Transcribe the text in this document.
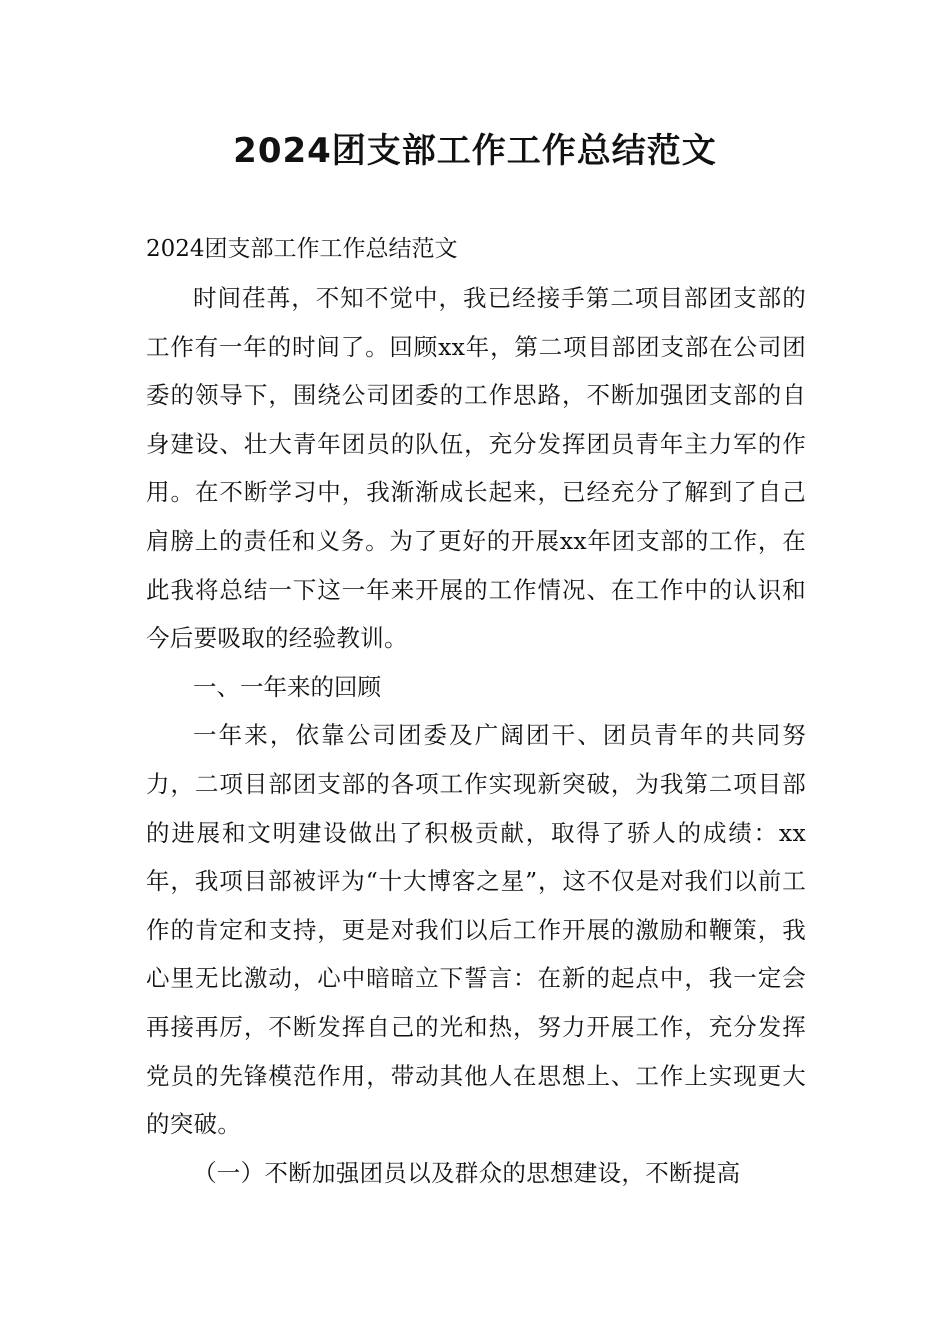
2024团支部工作工作总结范文

2024团支部工作工作总结范文

时间荏苒，不知不觉中，我已经接手第二项目部团支部的工作有一年的时间了。回顾xx年，第二项目部团支部在公司团委的领导下，围绕公司团委的工作思路，不断加强团支部的自身建设、壮大青年团员的队伍，充分发挥团员青年主力军的作用。在不断学习中，我渐渐成长起来，已经充分了解到了自己肩膀上的责任和义务。为了更好的开展xx年团支部的工作，在此我将总结一下这一年来开展的工作情况、在工作中的认识和今后要吸取的经验教训。

一、一年来的回顾

一年来，依靠公司团委及广阔团干、团员青年的共同努力，二项目部团支部的各项工作实现新突破，为我第二项目部的进展和文明建设做出了积极贡献，取得了骄人的成绩：xx年，我项目部被评为“十大博客之星”，这不仅是对我们以前工作的肯定和支持，更是对我们以后工作开展的激励和鞭策，我心里无比激动，心中暗暗立下誓言：在新的起点中，我一定会再接再厉，不断发挥自己的光和热，努力开展工作，充分发挥党员的先锋模范作用，带动其他人在思想上、工作上实现更大的突破。

（一）不断加强团员以及群众的思想建设，不断提高
